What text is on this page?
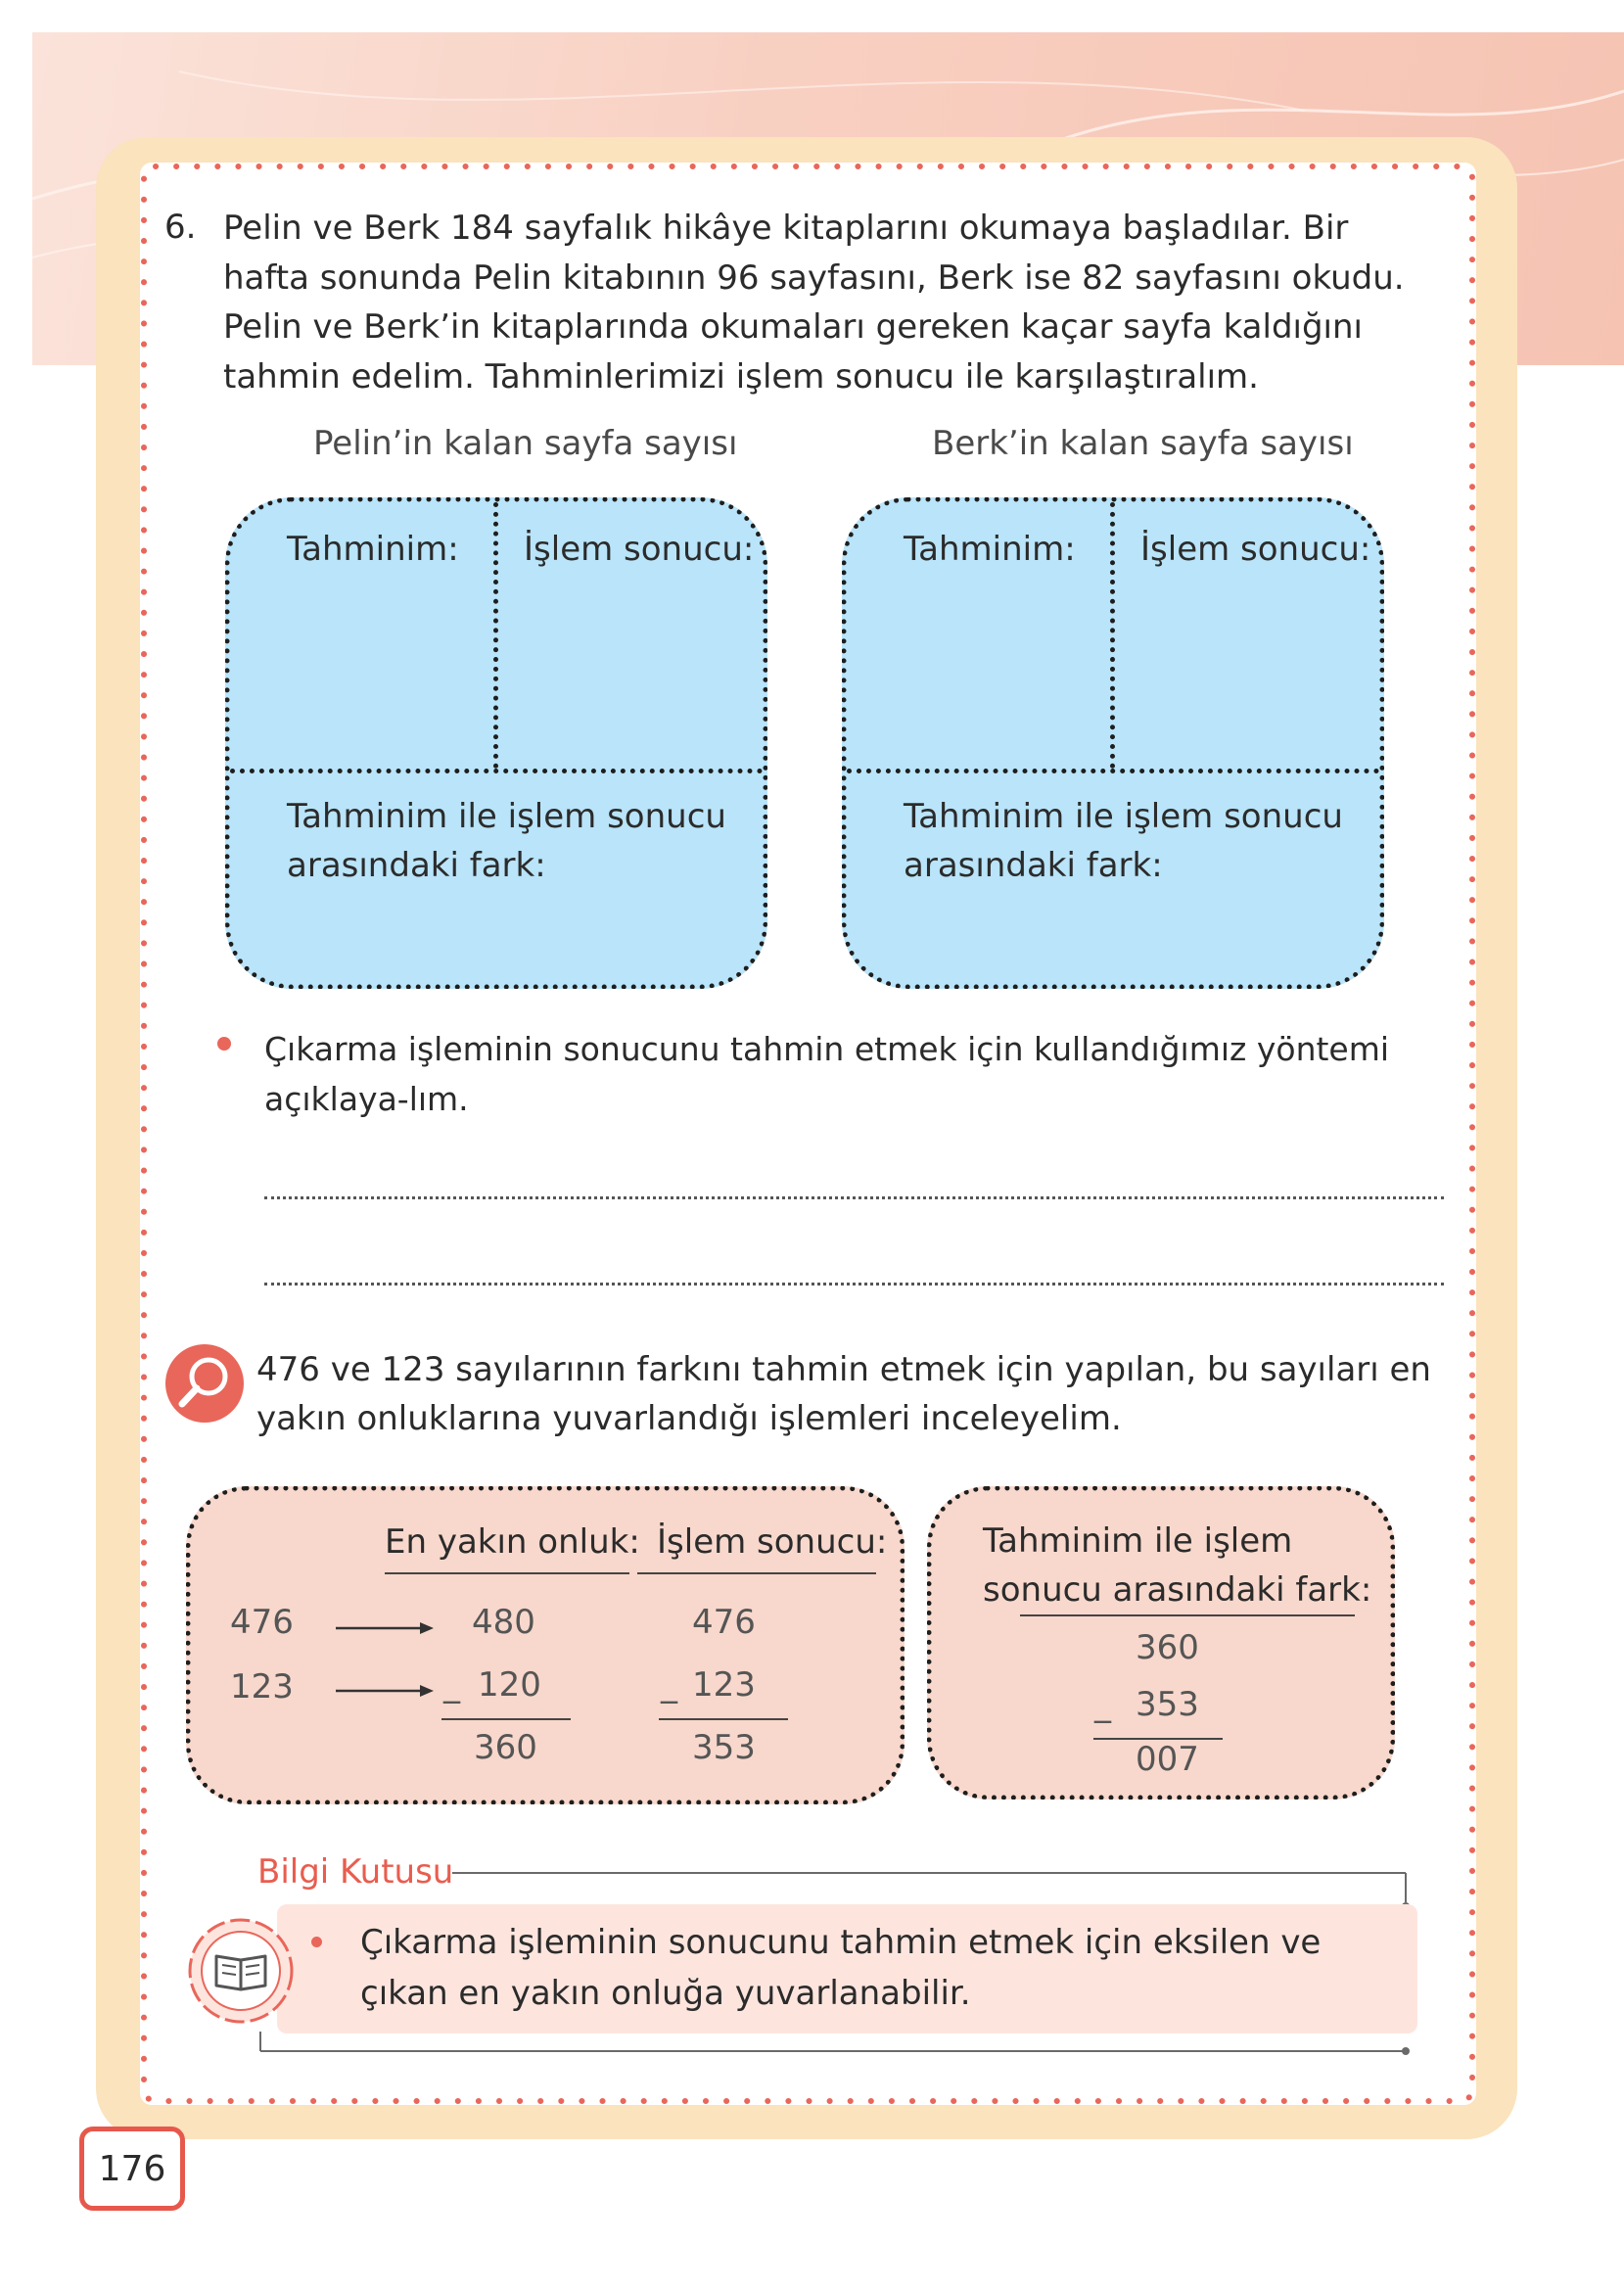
6. Pelin ve Berk 184 sayfalık hikâye kitaplarını okumaya başladılar. Bir hafta sonunda Pelin kitabının 96 sayfasını, Berk ise 82 sayfasını okudu. Pelin ve Berk’in kitaplarında okumaları gereken kaçar sayfa kaldığını tahmin edelim. Tahminlerimizi işlem sonucu ile karşılaştıralım.

Pelin’in kalan sayfa sayısı	Berk’in kalan sayfa sayısı
Tahminim: İşlem sonucu:
Tahminim ile işlem sonucu arasındaki fark:
Tahminim: İşlem sonucu:
Tahminim ile işlem sonucu arasındaki fark:

Çıkarma işleminin sonucunu tahmin etmek için kullandığımız yöntemi açıklaya-lım.

476 ve 123 sayılarının farkını tahmin etmek için yapılan, bu sayıları en yakın onluklarına yuvarlandığı işlemleri inceleyelim.

En yakın onluk: İşlem sonucu:
476
123
480
_ 120
360
476
_ 123
353
Tahminim ile işlem sonucu arasındaki fark:
360
_ 353
007
Bilgi Kutusu

Çıkarma işleminin sonucunu tahmin etmek için eksilen ve çıkan en yakın onluğa yuvarlanabilir.

176
